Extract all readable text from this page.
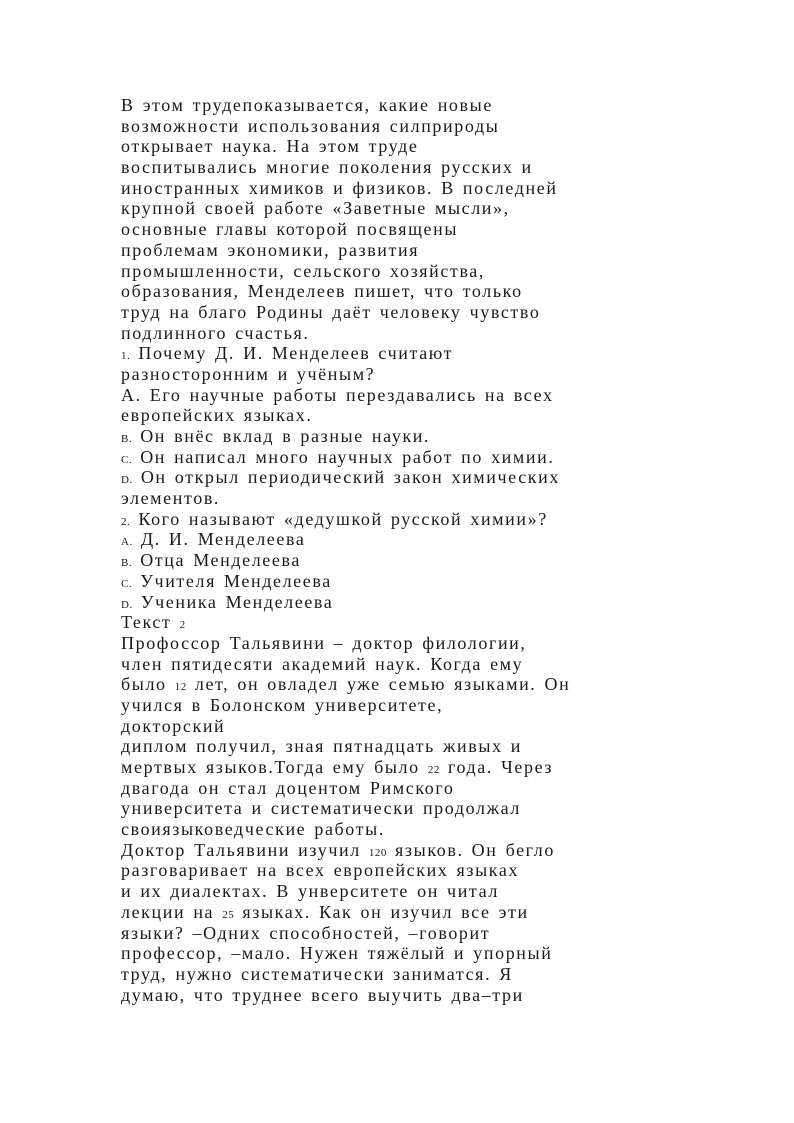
В этом трудепоказывается, какие новые
возможности использования силприроды
открывает наука. На этом труде
воспитывались многие поколения русских и
иностранных химиков и физиков. В последней
крупной своей работе «Заветные мысли»,
основные главы которой посвящены
проблемам экономики, развития
промышленности, сельского хозяйства,
образования, Менделеев пишет, что только
труд на благо Родины даёт человеку чувство
подлинного счастья.
1. Почему Д. И. Менделеев считают
разносторонним и учёным?
А. Его научные работы перездавались на всех
европейских языках.
B. Он внёс вклад в разные науки.
C. Он написал много научных работ по химии.
D. Он открыл периодический закон химических
элементов.
2. Кого называют «дедушкой русской химии»?
A. Д. И. Менделеева
B. Отца Менделеева
C. Учителя Менделеева
D. Ученика Менделеева
Текст 2
Профоссор Тальявини – доктор филологии,
член пятидесяти академий наук. Когда ему
было 12 лет, он овладел уже семью языками. Он
учился в Болонском университете,
докторский
диплом получил, зная пятнадцать живых и
мертвых языков.Тогда ему было 22 года. Через
двагода он стал доцентом Римского
университета и систематически продолжал
своиязыковедческие работы.
Доктор Тальявини изучил 120 языков. Он бегло
разговаривает на всех европейских языках
и их диалектах. В унверситете он читал
лекции на 25 языках. Как он изучил все эти
языки? –Одних способностей, –говорит
профессор, –мало. Нужен тяжёлый и упорный
труд, нужно систематически заниматся. Я
думаю, что труднее всего выучить два–три
